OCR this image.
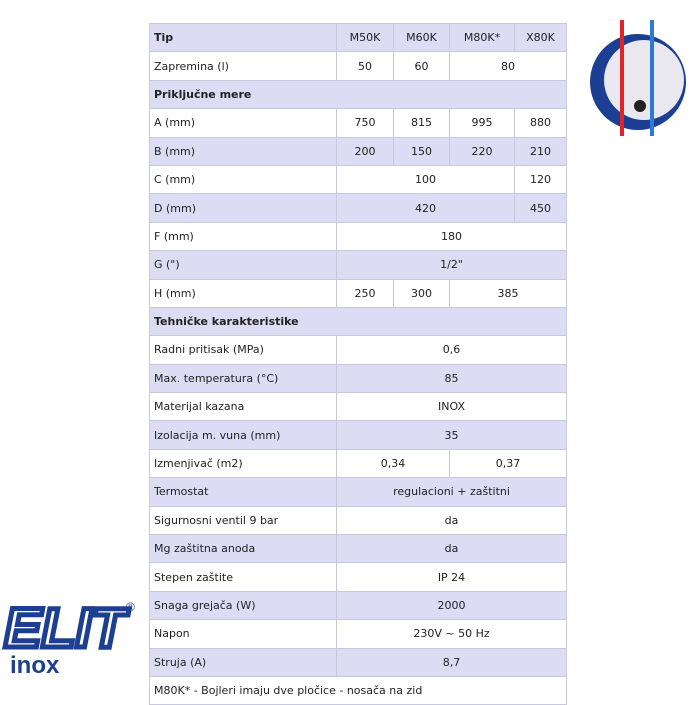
Tip	M50K	M60K	M80K*	X80K
Zapremina (l)	50	60	80	
Priključne mere				
A (mm)	750	815	995	880
B (mm)	200	150	220	210
C (mm)	100			120
D (mm)	420			450
F (mm)	180			
G (")	1/2"			
H (mm)	250	300	385	
Tehničke karakteristike				
Radni pritisak (MPa)	0,6			
Max. temperatura (°C)	85			
Materijal kazana	INOX			
Izolacija m. vuna (mm)	35			
Izmenjivač (m2)	0,34		0,37	
Termostat	regulacioni + zaštitni			
Sigurnosni ventil 9 bar	da			
Mg zaštitna anoda	da			
Stepen zaštite	IP 24			
Snaga grejača (W)	2000			
Napon	230V ~ 50 Hz			
Struja (A)	8,7			
M80K* - Bojleri imaju dve pločice - nosača na zid				
ELIT
inox
®
